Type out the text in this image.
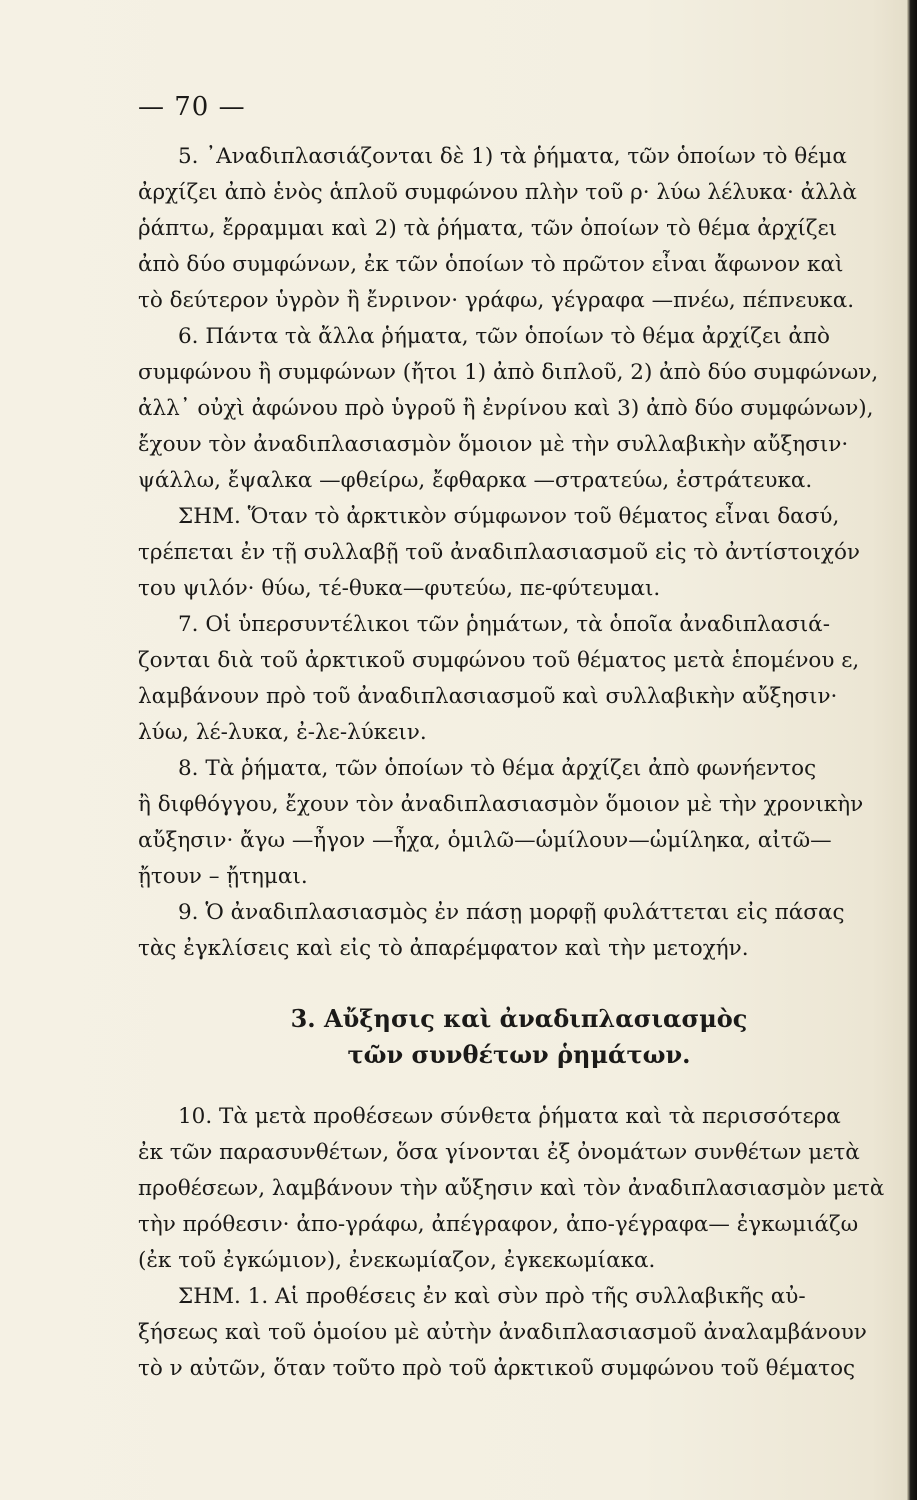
— 70 —
5. ᾽Αναδιπλασιάζονται δὲ 1) τὰ ῥήματα, τῶν ὁποίων τὸ θέμα
ἀρχίζει ἀπὸ ἑνὸς ἁπλοῦ συμφώνου πλὴν τοῦ ρ· λύω λέλυκα· ἀλλὰ
ῥάπτω, ἔρραμμαι καὶ 2) τὰ ῥήματα, τῶν ὁποίων τὸ θέμα ἀρχίζει
ἀπὸ δύο συμφώνων, ἐκ τῶν ὁποίων τὸ πρῶτον εἶναι ἄφωνον καὶ
τὸ δεύτερον ὑγρὸν ἢ ἔνρινον· γράφω, γέγραφα —πνέω, πέπνευκα.
6. Πάντα τὰ ἄλλα ῥήματα, τῶν ὁποίων τὸ θέμα ἀρχίζει ἀπὸ
συμφώνου ἢ συμφώνων (ἤτοι 1) ἀπὸ διπλοῦ, 2) ἀπὸ δύο συμφώνων,
ἀλλ᾽ οὐχὶ ἀφώνου πρὸ ὑγροῦ ἢ ἐνρίνου καὶ 3) ἀπὸ δύο συμφώνων),
ἔχουν τὸν ἀναδιπλασιασμὸν ὅμοιον μὲ τὴν συλλαβικὴν αὔξησιν·
ψάλλω, ἔψαλκα —φθείρω, ἔφθαρκα —στρατεύω, ἐστράτευκα.
ΣΗΜ. Ὅταν τὸ ἀρκτικὸν σύμφωνον τοῦ θέματος εἶναι δασύ,
τρέπεται ἐν τῇ συλλαβῇ τοῦ ἀναδιπλασιασμοῦ εἰς τὸ ἀντίστοιχόν
του ψιλόν· θύω, τέ-θυκα—φυτεύω, πε-φύτευμαι.
7. Οἱ ὑπερσυντέλικοι τῶν ῥημάτων, τὰ ὁποῖα ἀναδιπλασιά-
ζονται διὰ τοῦ ἀρκτικοῦ συμφώνου τοῦ θέματος μετὰ ἑπομένου ε,
λαμβάνουν πρὸ τοῦ ἀναδιπλασιασμοῦ καὶ συλλαβικὴν αὔξησιν·
λύω, λέ-λυκα, ἐ-λε-λύκειν.
8. Τὰ ῥήματα, τῶν ὁποίων τὸ θέμα ἀρχίζει ἀπὸ φωνήεντος
ἢ διφθόγγου, ἔχουν τὸν ἀναδιπλασιασμὸν ὅμοιον μὲ τὴν χρονικὴν
αὔξησιν· ἄγω —ἦγον —ἦχα, ὁμιλῶ—ὡμίλουν—ὡμίληκα, αἰτῶ—
ᾔτουν – ᾔτημαι.
9. Ὁ ἀναδιπλασιασμὸς ἐν πάσῃ μορφῇ φυλάττεται εἰς πάσας
τὰς ἐγκλίσεις καὶ εἰς τὸ ἀπαρέμφατον καὶ τὴν μετοχήν.
3. Αὔξησις καὶ ἀναδιπλασιασμὸς
τῶν συνθέτων ῥημάτων.
10. Τὰ μετὰ προθέσεων σύνθετα ῥήματα καὶ τὰ περισσότερα
ἐκ τῶν παρασυνθέτων, ὅσα γίνονται ἐξ ὀνομάτων συνθέτων μετὰ
προθέσεων, λαμβάνουν τὴν αὔξησιν καὶ τὸν ἀναδιπλασιασμὸν μετὰ
τὴν πρόθεσιν· ἀπο-γράφω, ἀπέγραφον, ἀπο-γέγραφα— ἐγκωμιάζω
(ἐκ τοῦ ἐγκώμιον), ἐνεκωμίαζον, ἐγκεκωμίακα.
ΣΗΜ. 1. Αἱ προθέσεις ἐν καὶ σὺν πρὸ τῆς συλλαβικῆς αὐ-
ξήσεως καὶ τοῦ ὁμοίου μὲ αὐτὴν ἀναδιπλασιασμοῦ ἀναλαμβάνουν
τὸ ν αὐτῶν, ὅταν τοῦτο πρὸ τοῦ ἀρκτικοῦ συμφώνου τοῦ θέματος
